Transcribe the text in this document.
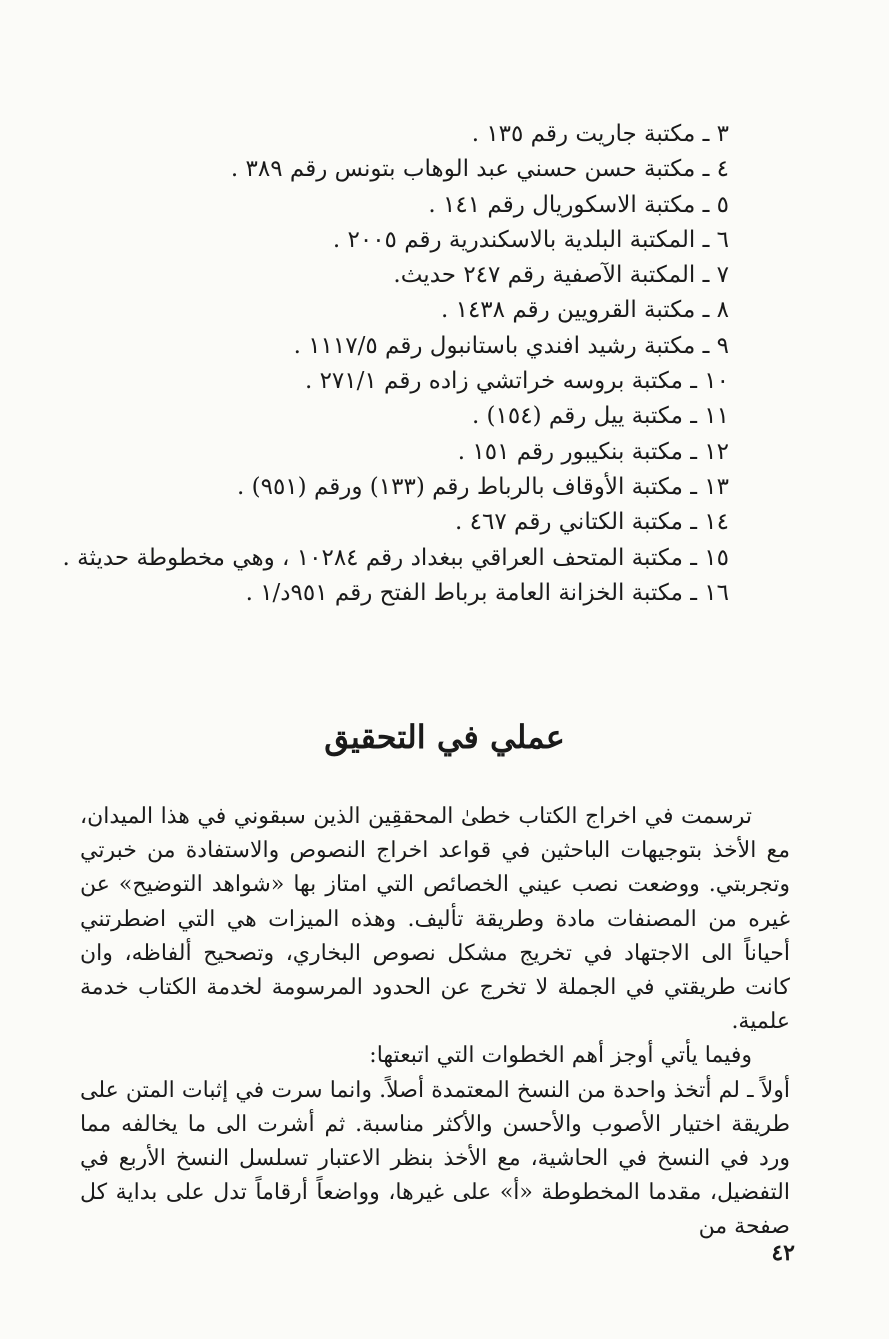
٣ ـ مكتبة جاريت رقم ١٣٥ .
٤ ـ مكتبة حسن حسني عبد الوهاب بتونس رقم ٣٨٩ .
٥ ـ مكتبة الاسكوريال رقم ١٤١ .
٦ ـ المكتبة البلدية بالاسكندرية رقم ٢٠٠٥ .
٧ ـ المكتبة الآصفية رقم ٢٤٧ حديث.
٨ ـ مكتبة القرويين رقم ١٤٣٨ .
٩ ـ مكتبة رشيد افندي باستانبول رقم ١١١٧/٥ .
١٠ ـ مكتبة بروسه خراتشي زاده رقم ٢٧١/١ .
١١ ـ مكتبة ييل رقم (١٥٤) .
١٢ ـ مكتبة بنكيبور رقم ١٥١ .
١٣ ـ مكتبة الأوقاف بالرباط رقم (١٣٣) ورقم (٩٥١) .
١٤ ـ مكتبة الكتاني رقم ٤٦٧ .
١٥ ـ مكتبة المتحف العراقي ببغداد رقم ١٠٢٨٤ ، وهي مخطوطة حديثة .
١٦ ـ مكتبة الخزانة العامة برباط الفتح رقم ٩٥١د/١ .
عملي في التحقيق

ترسمت في اخراج الكتاب خطىٰ المحققِين الذين سبقوني في هذا الميدان، مع الأخذ بتوجيهات الباحثين في قواعد اخراج النصوص والاستفادة من خبرتي وتجربتي. ووضعت نصب عيني الخصائص التي امتاز بها «شواهد التوضيح» عن غيره من المصنفات مادة وطريقة تأليف. وهذه الميزات هي التي اضطرتني أحياناً الى الاجتهاد في تخريج مشكل نصوص البخاري، وتصحيح ألفاظه، وان كانت طريقتي في الجملة لا تخرج عن الحدود المرسومة لخدمة الكتاب خدمة علمية.

وفيما يأتي أوجز أهم الخطوات التي اتبعتها:

أولاً ـ لم أتخذ واحدة من النسخ المعتمدة أصلاً. وانما سرت في إثبات المتن على طريقة اختيار الأصوب والأحسن والأكثر مناسبة. ثم أشرت الى ما يخالفه مما ورد في النسخ في الحاشية، مع الأخذ بنظر الاعتبار تسلسل النسخ الأربع في التفضيل، مقدما المخطوطة «أ» على غيرها، وواضعاً أرقاماً تدل على بداية كل صفحة من

٤٢
